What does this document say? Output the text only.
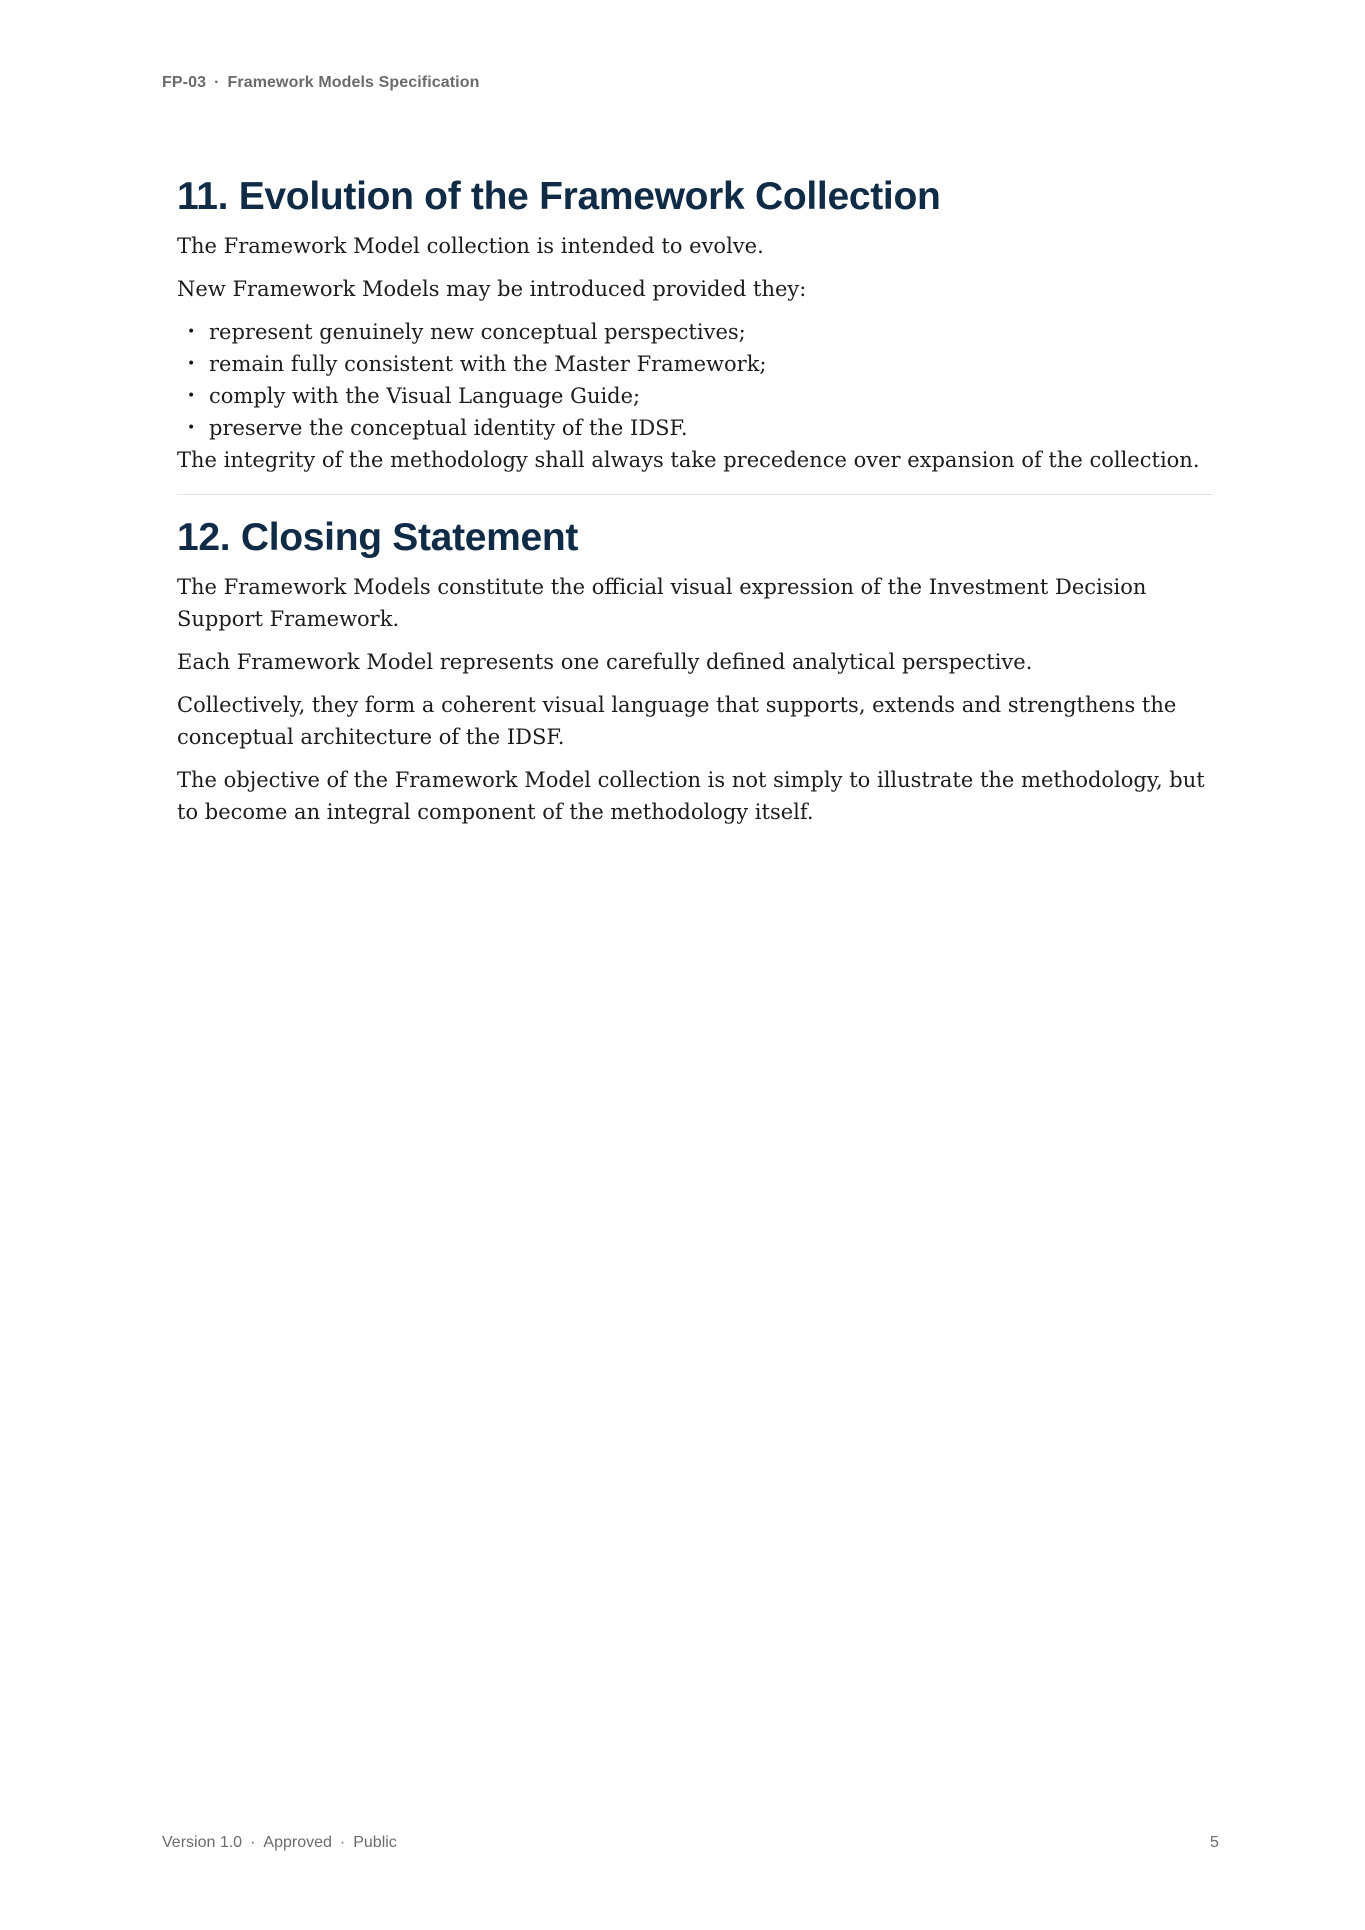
FP-03 · Framework Models Specification
11. Evolution of the Framework Collection

The Framework Model collection is intended to evolve.

New Framework Models may be introduced provided they:

• represent genuinely new conceptual perspectives;
• remain fully consistent with the Master Framework;
• comply with the Visual Language Guide;
• preserve the conceptual identity of the IDSF.

The integrity of the methodology shall always take precedence over expansion of the collection.

12. Closing Statement

The Framework Models constitute the official visual expression of the Investment Decision Support Framework.

Each Framework Model represents one carefully defined analytical perspective.

Collectively, they form a coherent visual language that supports, extends and strengthens the conceptual architecture of the IDSF.

The objective of the Framework Model collection is not simply to illustrate the methodology, but to become an integral component of the methodology itself.

Version 1.0 · Approved · Public	5
